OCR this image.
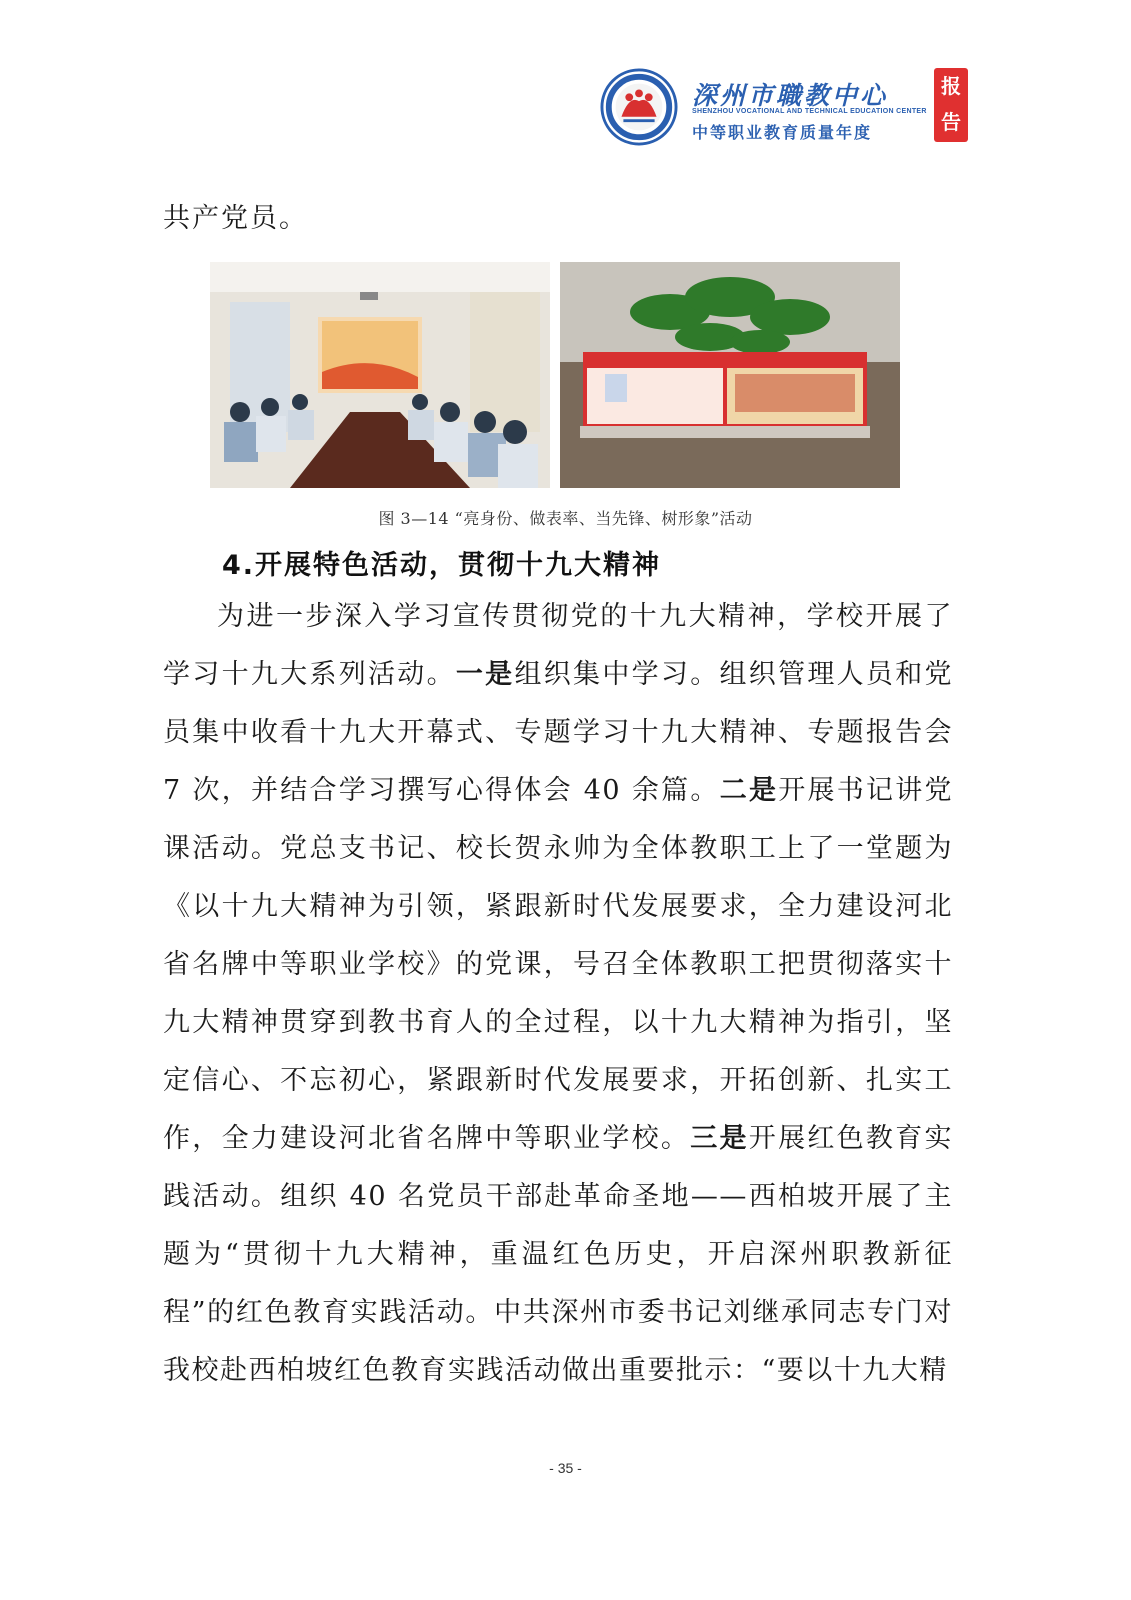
深州市職教中心
SHENZHOU VOCATIONAL AND TECHNICAL EDUCATION CENTER
中等职业教育质量年度
报
告
共产党员。
图 3—14 “亮身份、做表率、当先锋、树形象”活动
4.开展特色活动，贯彻十九大精神

为进一步深入学习宣传贯彻党的十九大精神，学校开展了学习十九大系列活动。一是组织集中学习。组织管理人员和党员集中收看十九大开幕式、专题学习十九大精神、专题报告会 7 次，并结合学习撰写心得体会 40 余篇。二是开展书记讲党课活动。党总支书记、校长贺永帅为全体教职工上了一堂题为《以十九大精神为引领，紧跟新时代发展要求，全力建设河北省名牌中等职业学校》的党课，号召全体教职工把贯彻落实十九大精神贯穿到教书育人的全过程，以十九大精神为指引，坚定信心、不忘初心，紧跟新时代发展要求，开拓创新、扎实工作，全力建设河北省名牌中等职业学校。三是开展红色教育实践活动。组织 40 名党员干部赴革命圣地——西柏坡开展了主题为“贯彻十九大精神，重温红色历史，开启深州职教新征程”的红色教育实践活动。中共深州市委书记刘继承同志专门对我校赴西柏坡红色教育实践活动做出重要批示：“要以十九大精

- 35 -
